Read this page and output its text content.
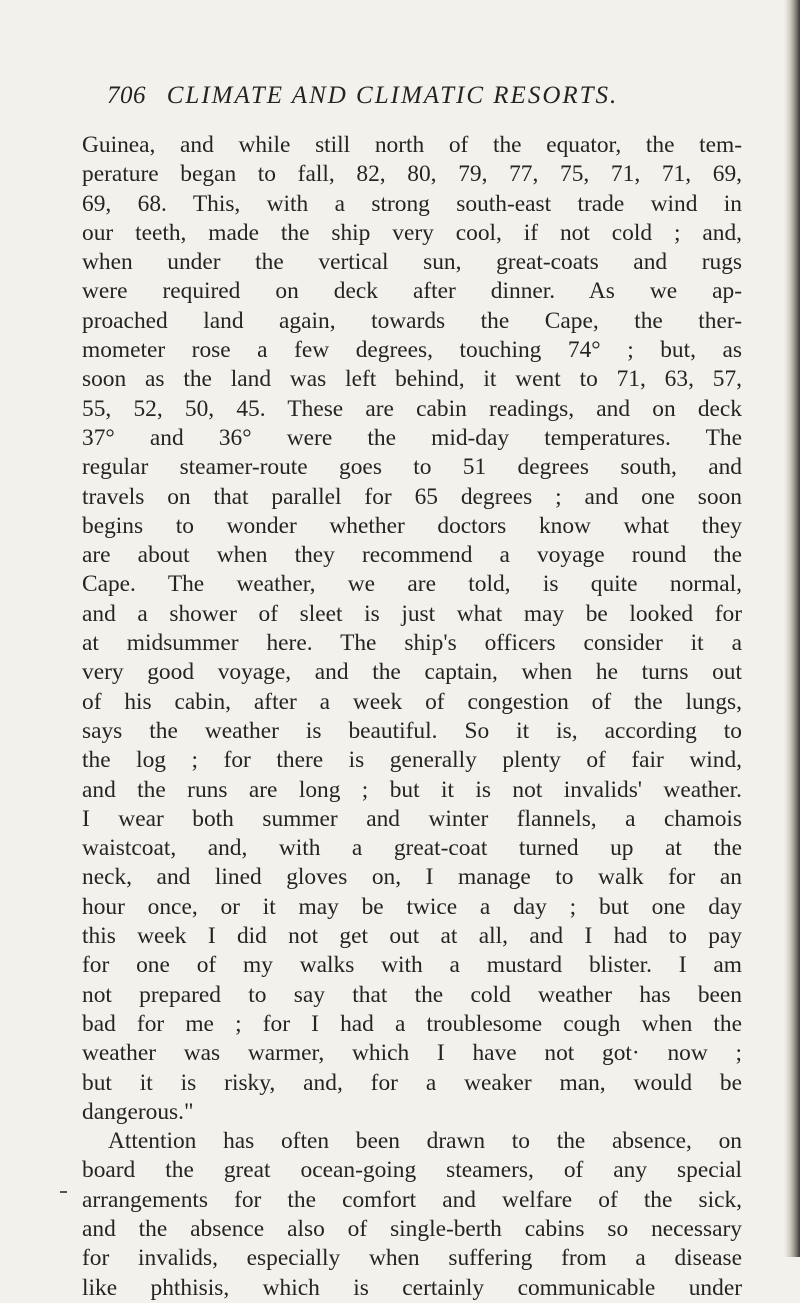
706 CLIMATE AND CLIMATIC RESORTS.
Guinea, and while still north of the equator, the tem-
perature began to fall, 82, 80, 79, 77, 75, 71, 71, 69,
69, 68. This, with a strong south-east trade wind in
our teeth, made the ship very cool, if not cold ; and,
when under the vertical sun, great-coats and rugs
were required on deck after dinner. As we ap-
proached land again, towards the Cape, the ther-
mometer rose a few degrees, touching 74° ; but, as
soon as the land was left behind, it went to 71, 63, 57,
55, 52, 50, 45. These are cabin readings, and on deck
37° and 36° were the mid-day temperatures. The
regular steamer-route goes to 51 degrees south, and
travels on that parallel for 65 degrees ; and one soon
begins to wonder whether doctors know what they
are about when they recommend a voyage round the
Cape. The weather, we are told, is quite normal,
and a shower of sleet is just what may be looked for
at midsummer here. The ship's officers consider it a
very good voyage, and the captain, when he turns out
of his cabin, after a week of congestion of the lungs,
says the weather is beautiful. So it is, according to
the log ; for there is generally plenty of fair wind,
and the runs are long ; but it is not invalids' weather.
I wear both summer and winter flannels, a chamois
waistcoat, and, with a great-coat turned up at the
neck, and lined gloves on, I manage to walk for an
hour once, or it may be twice a day ; but one day
this week I did not get out at all, and I had to pay
for one of my walks with a mustard blister. I am
not prepared to say that the cold weather has been
bad for me ; for I had a troublesome cough when the
weather was warmer, which I have not got· now ;
but it is risky, and, for a weaker man, would be
dangerous."
Attention has often been drawn to the absence, on
board the great ocean-going steamers, of any special
arrangements for the comfort and welfare of the sick,
and the absence also of single-berth cabins so necessary
for invalids, especially when suffering from a disease
like phthisis, which is certainly communicable under
